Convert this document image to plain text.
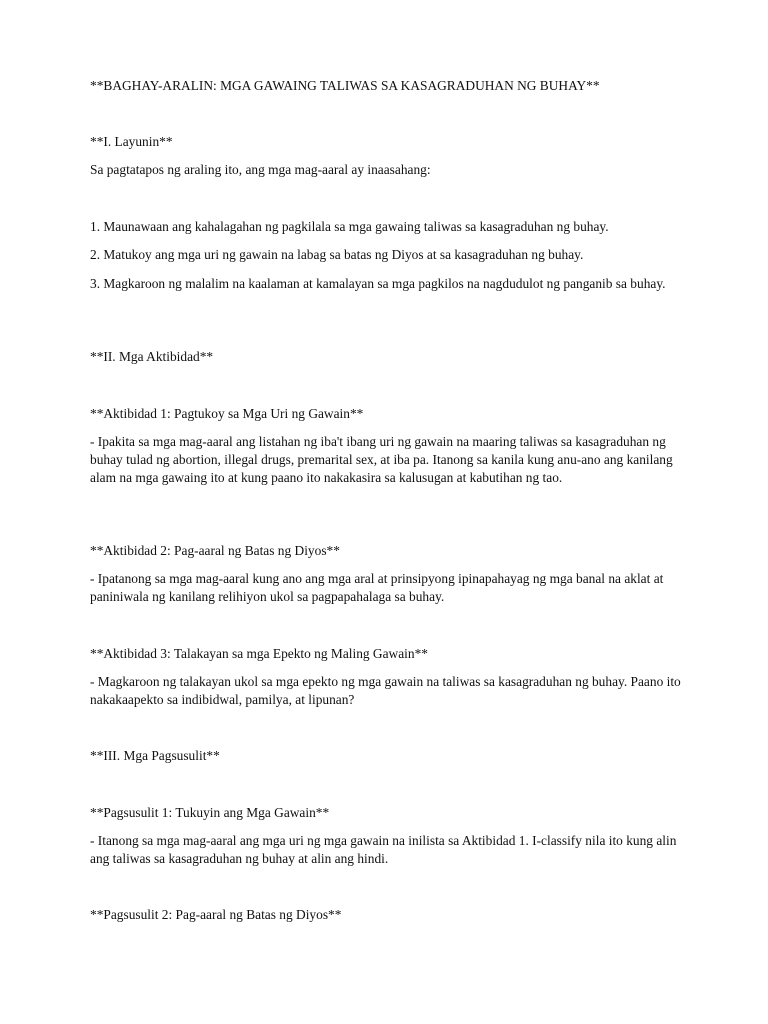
**BAGHAY-ARALIN: MGA GAWAING TALIWAS SA KASAGRADUHAN NG BUHAY**

**I. Layunin**

Sa pagtatapos ng araling ito, ang mga mag-aaral ay inaasahang:

1. Maunawaan ang kahalagahan ng pagkilala sa mga gawaing taliwas sa kasagraduhan ng buhay.

2. Matukoy ang mga uri ng gawain na labag sa batas ng Diyos at sa kasagraduhan ng buhay.

3. Magkaroon ng malalim na kaalaman at kamalayan sa mga pagkilos na nagdudulot ng panganib sa buhay.

**II. Mga Aktibidad**

**Aktibidad 1: Pagtukoy sa Mga Uri ng Gawain**

- Ipakita sa mga mag-aaral ang listahan ng iba't ibang uri ng gawain na maaring taliwas sa kasagraduhan ng buhay tulad ng abortion, illegal drugs, premarital sex, at iba pa. Itanong sa kanila kung anu-ano ang kanilang alam na mga gawaing ito at kung paano ito nakakasira sa kalusugan at kabutihan ng tao.

**Aktibidad 2: Pag-aaral ng Batas ng Diyos**

- Ipatanong sa mga mag-aaral kung ano ang mga aral at prinsipyong ipinapahayag ng mga banal na aklat at paniniwala ng kanilang relihiyon ukol sa pagpapahalaga sa buhay.

**Aktibidad 3: Talakayan sa mga Epekto ng Maling Gawain**

- Magkaroon ng talakayan ukol sa mga epekto ng mga gawain na taliwas sa kasagraduhan ng buhay. Paano ito nakakaapekto sa indibidwal, pamilya, at lipunan?

**III. Mga Pagsusulit**

**Pagsusulit 1: Tukuyin ang Mga Gawain**

- Itanong sa mga mag-aaral ang mga uri ng mga gawain na inilista sa Aktibidad 1. I-classify nila ito kung alin ang taliwas sa kasagraduhan ng buhay at alin ang hindi.

**Pagsusulit 2: Pag-aaral ng Batas ng Diyos**
